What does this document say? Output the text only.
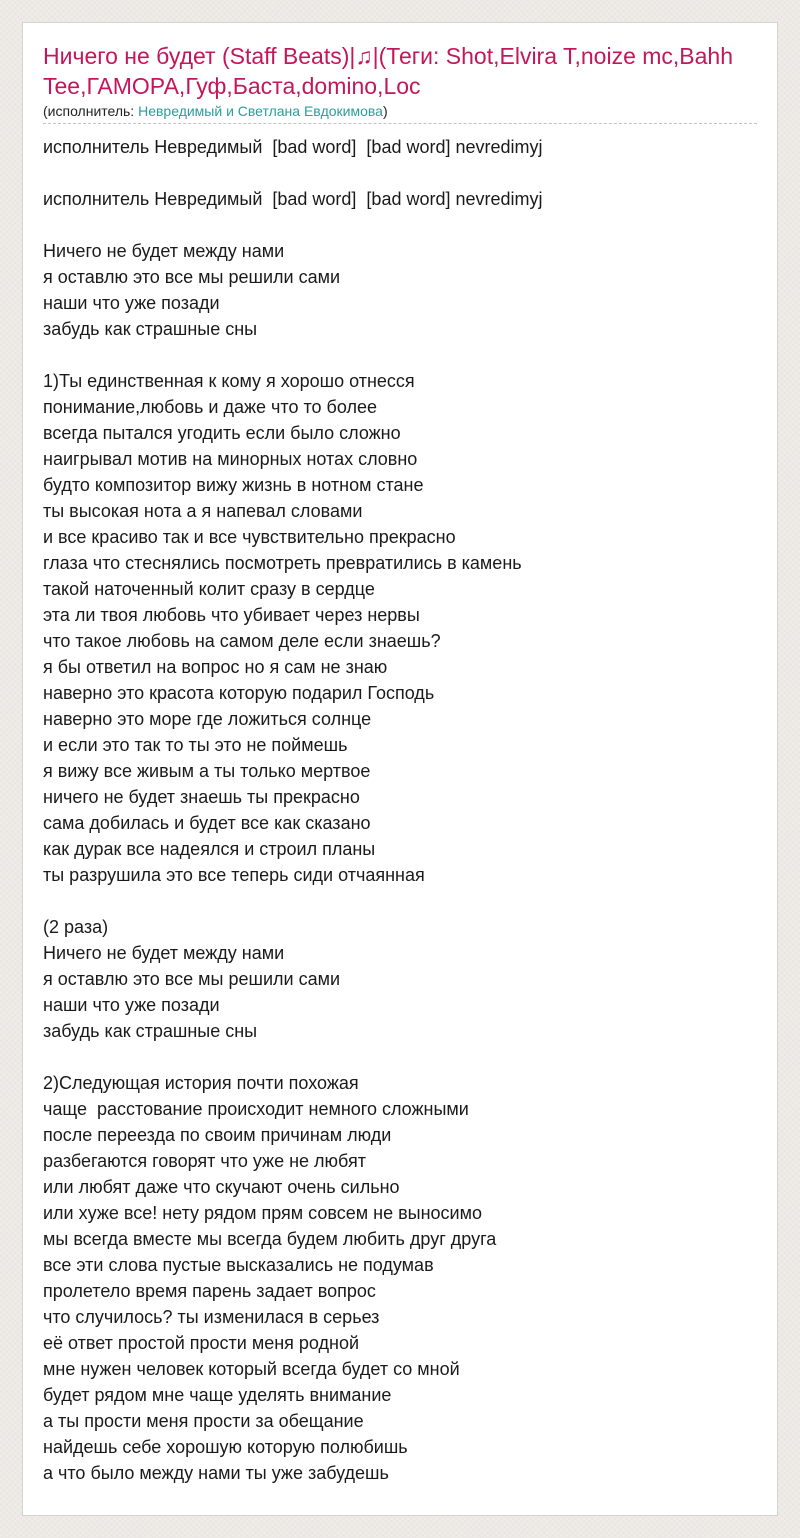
Ничего не будет (Staff Beats)|♫|(Теги: Shot,Elvira T,noize mc,Bahh Tee,ГАМОРА,Гуф,Баста,domino,Loc
(исполнитель: Невредимый и Светлана Евдокимова)
исполнитель Невредимый  [bad word]  [bad word] nevredimyj
исполнитель Невредимый  [bad word]  [bad word] nevredimyj
Ничего не будет между нами
я оставлю это все мы решили сами
наши что уже позади
забудь как страшные сны
1)Ты единственная к кому я хорошо отнесся
понимание,любовь и даже что то более
всегда пытался угодить если было сложно
наигрывал мотив на минорных нотах словно
будто композитор вижу жизнь в нотном стане
ты высокая нота а я напевал словами
и все красиво так и все чувствительно прекрасно
глаза что стеснялись посмотреть превратились в камень
такой наточенный колит сразу в сердце
эта ли твоя любовь что убивает через нервы
что такое любовь на самом деле если знаешь?
я бы ответил на вопрос но я сам не знаю
наверно это красота которую подарил Господь
наверно это море где ложиться солнце
и если это так то ты это не поймешь
я вижу все живым а ты только мертвое
ничего не будет знаешь ты прекрасно
сама добилась и будет все как сказано
как дурак все надеялся и строил планы
ты разрушила это все теперь сиди отчаянная
(2 раза)
Ничего не будет между нами
я оставлю это все мы решили сами
наши что уже позади
забудь как страшные сны
2)Следующая история почти похожая
чаще  расстование происходит немного сложными
после переезда по своим причинам люди
разбегаются говорят что уже не любят
или любят даже что скучают очень сильно
или хуже все! нету рядом прям совсем не выносимо
мы всегда вместе мы всегда будем любить друг друга
все эти слова пустые высказались не подумав
пролетело время парень задает вопрос
что случилось? ты изменилася в серьез
её ответ простой прости меня родной
мне нужен человек который всегда будет со мной
будет рядом мне чаще уделять внимание
а ты прости меня прости за обещание
найдешь себе хорошую которую полюбишь
а что было между нами ты уже забудешь
